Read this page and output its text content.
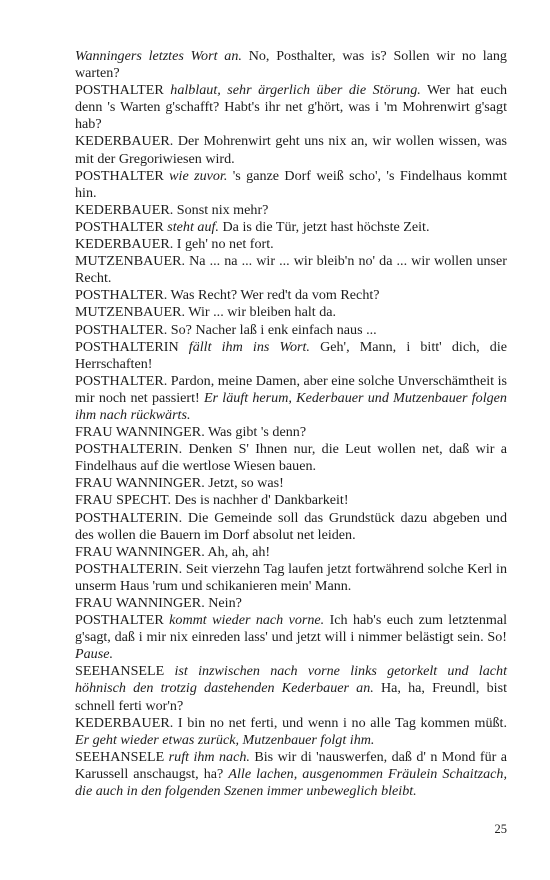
Wanningers letztes Wort an. No, Posthalter, was is? Sollen wir no lang warten?

POSTHALTER halblaut, sehr ärgerlich über die Störung. Wer hat euch denn 's Warten g'schafft? Habt's ihr net g'hört, was i 'm Mohrenwirt g'sagt hab?

KEDERBAUER. Der Mohrenwirt geht uns nix an, wir wollen wissen, was mit der Gregoriwiesen wird.

POSTHALTER wie zuvor. 's ganze Dorf weiß scho', 's Findelhaus kommt hin.

KEDERBAUER. Sonst nix mehr?

POSTHALTER steht auf. Da is die Tür, jetzt hast höchste Zeit.

KEDERBAUER. I geh' no net fort.

MUTZENBAUER. Na ... na ... wir ... wir bleib'n no' da ... wir wollen unser Recht.

POSTHALTER. Was Recht? Wer red't da vom Recht?

MUTZENBAUER. Wir ... wir bleiben halt da.

POSTHALTER. So? Nacher laß i enk einfach naus ...

POSTHALTERIN fällt ihm ins Wort. Geh', Mann, i bitt' dich, die Herrschaften!

POSTHALTER. Pardon, meine Damen, aber eine solche Unverschämtheit is mir noch net passiert! Er läuft herum, Kederbauer und Mutzenbauer folgen ihm nach rückwärts.

FRAU WANNINGER. Was gibt 's denn?

POSTHALTERIN. Denken S' Ihnen nur, die Leut wollen net, daß wir a Findelhaus auf die wertlose Wiesen bauen.

FRAU WANNINGER. Jetzt, so was!

FRAU SPECHT. Des is nachher d' Dankbarkeit!

POSTHALTERIN. Die Gemeinde soll das Grundstück dazu abgeben und des wollen die Bauern im Dorf absolut net leiden.

FRAU WANNINGER. Ah, ah, ah!

POSTHALTERIN. Seit vierzehn Tag laufen jetzt fortwährend solche Kerl in unserm Haus 'rum und schikanieren mein' Mann.

FRAU WANNINGER. Nein?

POSTHALTER kommt wieder nach vorne. Ich hab's euch zum letztenmal g'sagt, daß i mir nix einreden lass' und jetzt will i nimmer belästigt sein. So! Pause.

SEEHANSELE ist inzwischen nach vorne links getorkelt und lacht höhnisch den trotzig dastehenden Kederbauer an. Ha, ha, Freundl, bist schnell ferti wor'n?

KEDERBAUER. I bin no net ferti, und wenn i no alle Tag kommen müßt. Er geht wieder etwas zurück, Mutzenbauer folgt ihm.

SEEHANSELE ruft ihm nach. Bis wir di 'nauswerfen, daß d' n Mond für a Karussell anschaugst, ha? Alle lachen, ausgenommen Fräulein Schaitzach, die auch in den folgenden Szenen immer unbeweglich bleibt.

25
